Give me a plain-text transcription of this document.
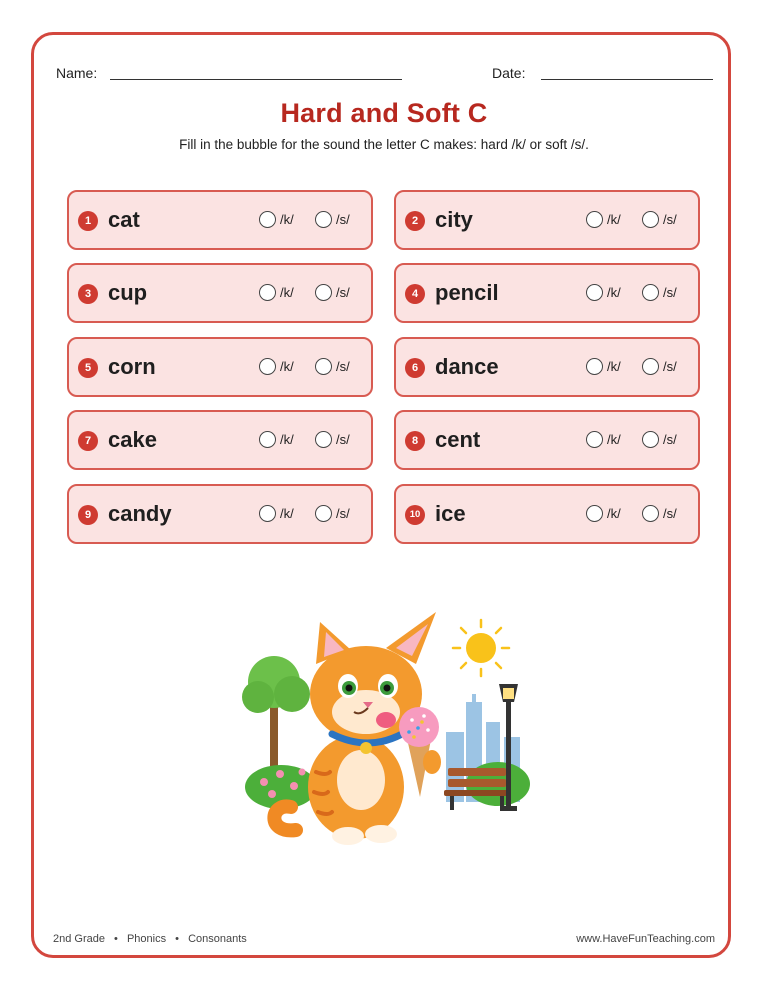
Name:	Date:
Hard and Soft C
Fill in the bubble for the sound the letter C makes: hard /k/ or soft /s/.
1 cat	/k/	/s/	2 city	/k/	/s/
3 cup	/k/	/s/	4 pencil	/k/	/s/
5 corn	/k/	/s/	6 dance	/k/	/s/
7 cake	/k/	/s/	8 cent	/k/	/s/
9 candy	/k/	/s/	10 ice	/k/	/s/
2nd Grade • Phonics • Consonants	www.HaveFunTeaching.com
